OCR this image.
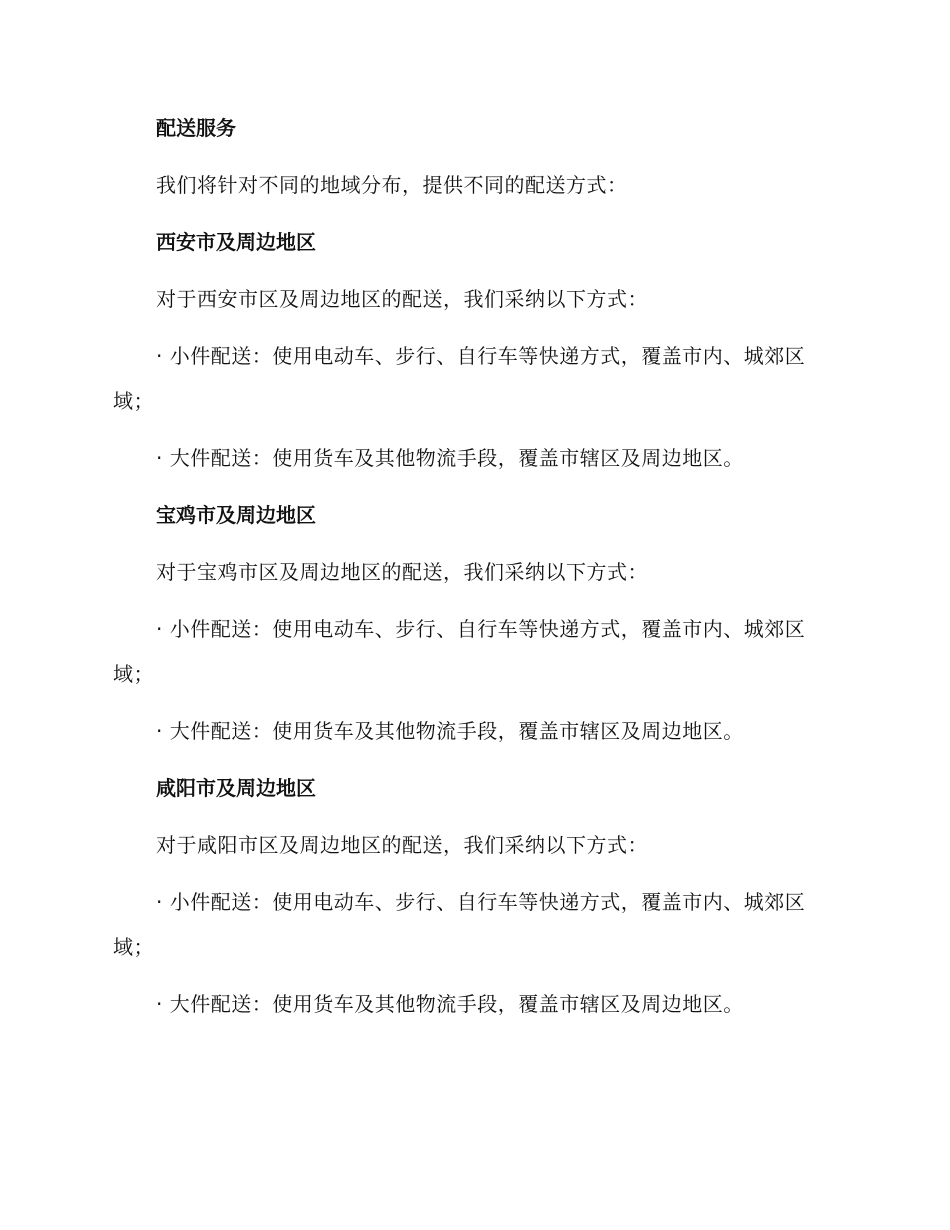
配送服务
我们将针对不同的地域分布，提供不同的配送方式：
西安市及周边地区
对于西安市区及周边地区的配送，我们采纳以下方式：
· 小件配送：使用电动车、步行、自行车等快递方式，覆盖市内、城郊区域；
· 大件配送：使用货车及其他物流手段，覆盖市辖区及周边地区。
宝鸡市及周边地区
对于宝鸡市区及周边地区的配送，我们采纳以下方式：
· 小件配送：使用电动车、步行、自行车等快递方式，覆盖市内、城郊区域；
· 大件配送：使用货车及其他物流手段，覆盖市辖区及周边地区。
咸阳市及周边地区
对于咸阳市区及周边地区的配送，我们采纳以下方式：
· 小件配送：使用电动车、步行、自行车等快递方式，覆盖市内、城郊区域；
· 大件配送：使用货车及其他物流手段，覆盖市辖区及周边地区。
